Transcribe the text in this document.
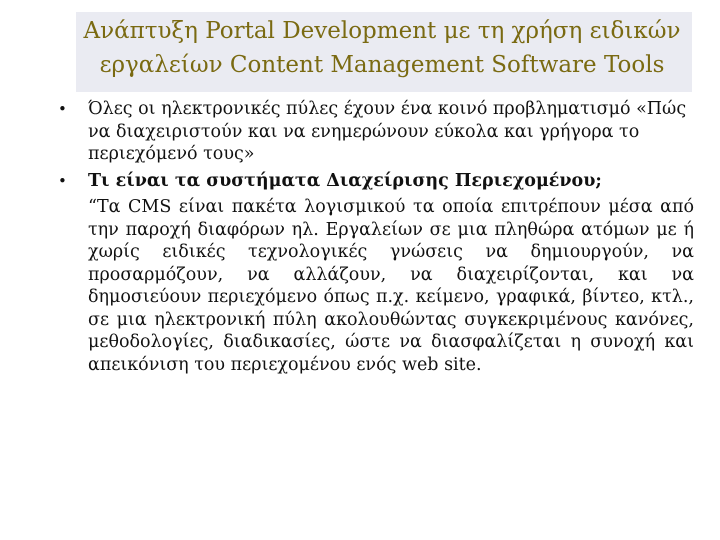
Ανάπτυξη Portal Development με τη χρήση ειδικών εργαλείων Content Management Software Tools
• Όλες οι ηλεκτρονικές πύλες έχουν ένα κοινό προβληματισμό «Πώς να διαχειριστούν και να ενημερώνουν εύκολα και γρήγορα το περιεχόμενό τους»
• Τι είναι τα συστήματα Διαχείρισης Περιεχομένου;
“Τα CMS είναι πακέτα λογισμικού τα οποία επιτρέπουν μέσα από την παροχή διαφόρων ηλ. Εργαλείων σε μια πληθώρα ατόμων με ή χωρίς ειδικές τεχνολογικές γνώσεις να δημιουργούν, να προσαρμόζουν, να αλλάζουν, να διαχειρίζονται, και να δημοσιεύουν περιεχόμενο όπως π.χ. κείμενο, γραφικά, βίντεο, κτλ., σε μια ηλεκτρονική πύλη ακολουθώντας συγκεκριμένους κανόνες, μεθοδολογίες, διαδικασίες, ώστε να διασφαλίζεται η συνοχή και απεικόνιση του περιεχομένου ενός web site.
